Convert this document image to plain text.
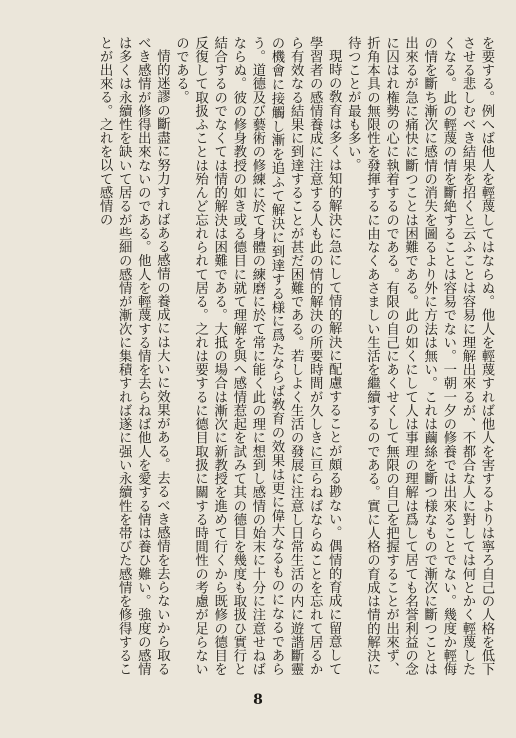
を要する。例へば他人を輕蔑してはならぬ。他人を輕蔑すれば他人を害するよりは寧ろ自己の人格を低下させる悲しむべき結果を招くと云ふことは容易に理解出來るが、不都合な人に對しては何とかく輕蔑したくなる。此の輕蔑の情を斷絶することは容易でない。一朝一夕の修養では出來ることでない。幾度か輕侮の情を斷ち漸次に感情の消失を圖るより外に方法は無い。これは繭絲を斷つ様なもので漸次に斷つことは出來るが急に痛快に斷つことは困難である。此の如くにして人は事理の理解は爲して居ても名誉利益の念に囚はれ権勢の心に執着するのである。有限の自己にあくせくして無限の自己を把握することが出來ず、折角本具の無限性を發揮するに由なくあさましい生活を繼續するのである。實に人格の育成は情的解決に待つことが最も多い。

現時の敎育は多くは知的解決に急にして情的解決に配慮することが頗る尠ない。偶情的育成に留意して學習者の感情養成に注意する人も此の情的解決の所要時間が久しきに亘らねばならぬことを忘れて居るから有效なる結果に到達することが甚だ困難である。若しよく生活の發展に注意し日常生活の内に遊諧斷靈の機會に接觸し漸を追ふて解決に到達する様に爲たならば敎育の效果は更に偉大なるものになるであらう。道德及び藝術の修練に於て身體の練磨に於て常に能く此の理に想到し感情の始末に十分に注意せねばならぬ。彼の修身教授の如き或る德目に就て理解を與へ感情惹起を試みて其の德目を幾度も取扱ひ實行と結合するのでなくては情的解決は困難である。大抵の場合は漸次に新教授を進めて行くから既修の德目を反復して取扱ふことは殆んど忘れられて居る。之れは要するに德目取扱に關する時間性の考慮が足らないのである。

情的迷謬の斷盡に努力すればある感情の養成には大いに效果がある。去るべき感情を去らないから取るべき感情が修得出來ないのである。他人を輕蔑する情を去らねば他人を愛する情は養ひ難い。強度の感情は多くは永續性を缺いて居るが些細の感情が漸次に集積すれば遂に强い永續性を帯びた感情を修得することが出來る。之れを以て感情の

8
